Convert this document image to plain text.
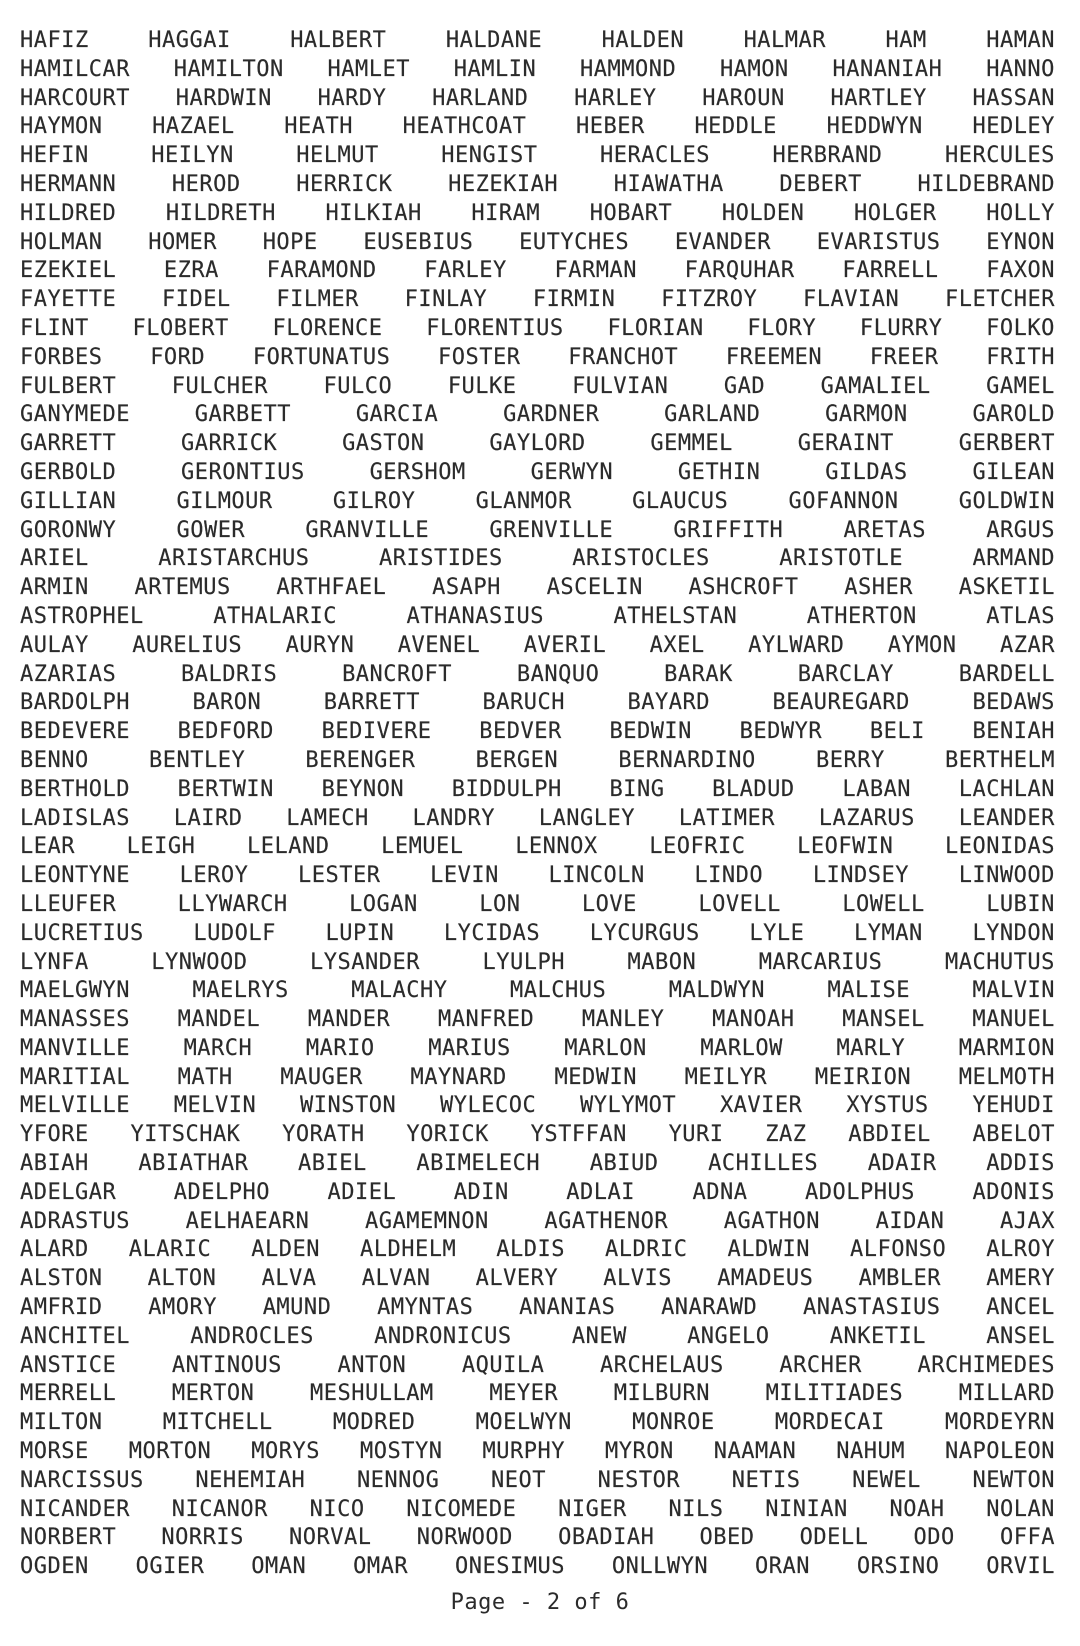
HAFIZ	HAGGAI	HALBERT	HALDANE	HALDEN	HALMAR	HAM	HAMAN
HAMILCAR HAMILTON HAMLET HAMLIN HAMMOND HAMON HANANIAH HANNO
HARCOURT HARDWIN HARDY HARLAND HARLEY HAROUN HARTLEY HASSAN
HAYMON HAZAEL HEATH HEATHCOAT HEBER HEDDLE HEDDWYN HEDLEY
HEFIN	HEILYN	HELMUT	HENGIST	HERACLES	HERBRAND	HERCULES
HERMANN	HEROD	HERRICK	HEZEKIAH	HIAWATHA	DEBERT	HILDEBRAND
HILDRED HILDRETH HILKIAH HIRAM HOBART HOLDEN HOLGER HOLLY
HOLMAN HOMER HOPE EUSEBIUS EUTYCHES EVANDER EVARISTUS EYNON
EZEKIEL EZRA FARAMOND FARLEY FARMAN FARQUHAR FARRELL FAXON
FAYETTE FIDEL FILMER FINLAY FIRMIN FITZROY FLAVIAN FLETCHER
FLINT FLOBERT FLORENCE FLORENTIUS FLORIAN FLORY FLURRY FOLKO
FORBES FORD FORTUNATUS FOSTER FRANCHOT FREEMEN FREER FRITH
FULBERT	FULCHER	FULCO	FULKE	FULVIAN	GAD	GAMALIEL	GAMEL
GANYMEDE	GARBETT	GARCIA	GARDNER	GARLAND	GARMON	GAROLD
GARRETT	GARRICK	GASTON	GAYLORD	GEMMEL	GERAINT	GERBERT
GERBOLD	GERONTIUS	GERSHOM	GERWYN	GETHIN	GILDAS	GILEAN
GILLIAN	GILMOUR	GILROY	GLANMOR	GLAUCUS	GOFANNON	GOLDWIN
GORONWY	GOWER	GRANVILLE	GRENVILLE	GRIFFITH	ARETAS	ARGUS
ARIEL	ARISTARCHUS	ARISTIDES	ARISTOCLES	ARISTOTLE	ARMAND
ARMIN ARTEMUS ARTHFAEL ASAPH ASCELIN ASHCROFT ASHER ASKETIL
ASTROPHEL	ATHALARIC	ATHANASIUS	ATHELSTAN	ATHERTON	ATLAS
AULAY AURELIUS AURYN AVENEL AVERIL AXEL AYLWARD AYMON AZAR
AZARIAS	BALDRIS	BANCROFT	BANQUO	BARAK	BARCLAY	BARDELL
BARDOLPH	BARON	BARRETT	BARUCH	BAYARD	BEAUREGARD	BEDAWS
BEDEVERE BEDFORD BEDIVERE BEDVER BEDWIN BEDWYR BELI BENIAH
BENNO	BENTLEY	BERENGER	BERGEN	BERNARDINO	BERRY	BERTHELM
BERTHOLD BERTWIN BEYNON BIDDULPH BING BLADUD LABAN LACHLAN
LADISLAS LAIRD LAMECH LANDRY LANGLEY LATIMER LAZARUS LEANDER
LEAR LEIGH LELAND LEMUEL LENNOX LEOFRIC LEOFWIN LEONIDAS
LEONTYNE LEROY LESTER LEVIN LINCOLN LINDO LINDSEY LINWOOD
LLEUFER	LLYWARCH	LOGAN	LON	LOVE	LOVELL	LOWELL	LUBIN
LUCRETIUS LUDOLF LUPIN LYCIDAS LYCURGUS LYLE LYMAN LYNDON
LYNFA	LYNWOOD	LYSANDER	LYULPH	MABON	MARCARIUS	MACHUTUS
MAELGWYN	MAELRYS	MALACHY	MALCHUS	MALDWYN	MALISE	MALVIN
MANASSES MANDEL MANDER MANFRED MANLEY MANOAH MANSEL MANUEL
MANVILLE MARCH MARIO MARIUS MARLON MARLOW MARLY MARMION
MARITIAL MATH MAUGER MAYNARD MEDWIN MEILYR MEIRION MELMOTH
MELVILLE MELVIN WINSTON WYLECOC WYLYMOT XAVIER XYSTUS YEHUDI
YFORE YITSCHAK YORATH YORICK YSTFFAN YURI ZAZ ABDIEL ABELOT
ABIAH ABIATHAR ABIEL ABIMELECH ABIUD ACHILLES ADAIR ADDIS
ADELGAR	ADELPHO	ADIEL	ADIN	ADLAI	ADNA	ADOLPHUS	ADONIS
ADRASTUS	AELHAEARN	AGAMEMNON	AGATHENOR	AGATHON	AIDAN	AJAX
ALARD ALARIC ALDEN ALDHELM ALDIS ALDRIC ALDWIN ALFONSO ALROY
ALSTON ALTON ALVA ALVAN ALVERY ALVIS AMADEUS AMBLER AMERY
AMFRID AMORY AMUND AMYNTAS ANANIAS ANARAWD ANASTASIUS ANCEL
ANCHITEL	ANDROCLES	ANDRONICUS	ANEW	ANGELO	ANKETIL	ANSEL
ANSTICE	ANTINOUS	ANTON	AQUILA	ARCHELAUS	ARCHER	ARCHIMEDES
MERRELL	MERTON	MESHULLAM	MEYER	MILBURN	MILITIADES	MILLARD
MILTON	MITCHELL	MODRED	MOELWYN	MONROE	MORDECAI	MORDEYRN
MORSE MORTON MORYS MOSTYN MURPHY MYRON NAAMAN NAHUM NAPOLEON
NARCISSUS NEHEMIAH NENNOG NEOT NESTOR NETIS NEWEL NEWTON
NICANDER NICANOR NICO NICOMEDE NIGER NILS NINIAN NOAH NOLAN
NORBERT NORRIS NORVAL NORWOOD OBADIAH OBED ODELL ODO OFFA
OGDEN OGIER OMAN OMAR ONESIMUS ONLLWYN ORAN ORSINO ORVIL
Page - 2 of 6
